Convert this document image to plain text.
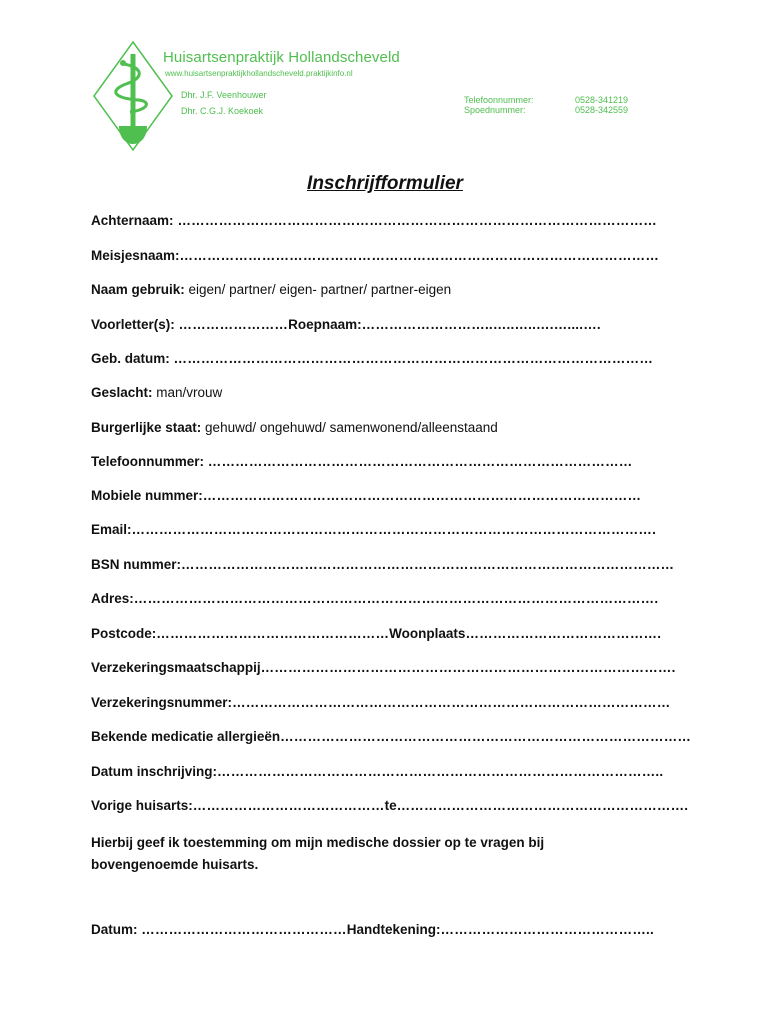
Huisartsenpraktijk Hollandscheveld
www.huisartsenpraktijkhollandscheveld.praktijkinfo.nl
Dhr. J.F. Veenhouwer
Dhr. C.G.J. Koekoek
Telefoonnummer:	0528-341219
Spoednummer:	0528-342559
Inschrijfformulier
Achternaam: ……………………………………………………………………………………………
Meisjesnaam:……………………………………………………………………………………………
Naam gebruik: eigen/ partner/ eigen- partner/ partner-eigen
Voorletter(s): ……………………Roepnaam:………………………..…..…..….…....….
Geb. datum: ……………………………………………………………………………………………
Geslacht: man/vrouw
Burgerlijke staat: gehuwd/ ongehuwd/ samenwonend/alleenstaand
Telefoonnummer: …………………………………………………………………………………
Mobiele nummer:……………………………………………………………………………………
Email:…………………………………………………………………………………………………….
BSN nummer:………………………………………………………………………………………………
Adres:…………………………………………………………………………………………………….
Postcode:……………………………………………Woonplaats…………………………………….
Verzekeringsmaatschappij……………………………………………………………………………….
Verzekeringsnummer:……………………………………………………………………………………
Bekende medicatie allergieën………………………………………………………………………………
Datum inschrijving:……………………………………………………………………………………..
Vorige huisarts:……………………………………te……………………………………………………….
Hierbij geef ik toestemming om mijn medische dossier op te vragen bij bovengenoemde huisarts.
Datum: ………………………………………Handtekening:………………………………………..
